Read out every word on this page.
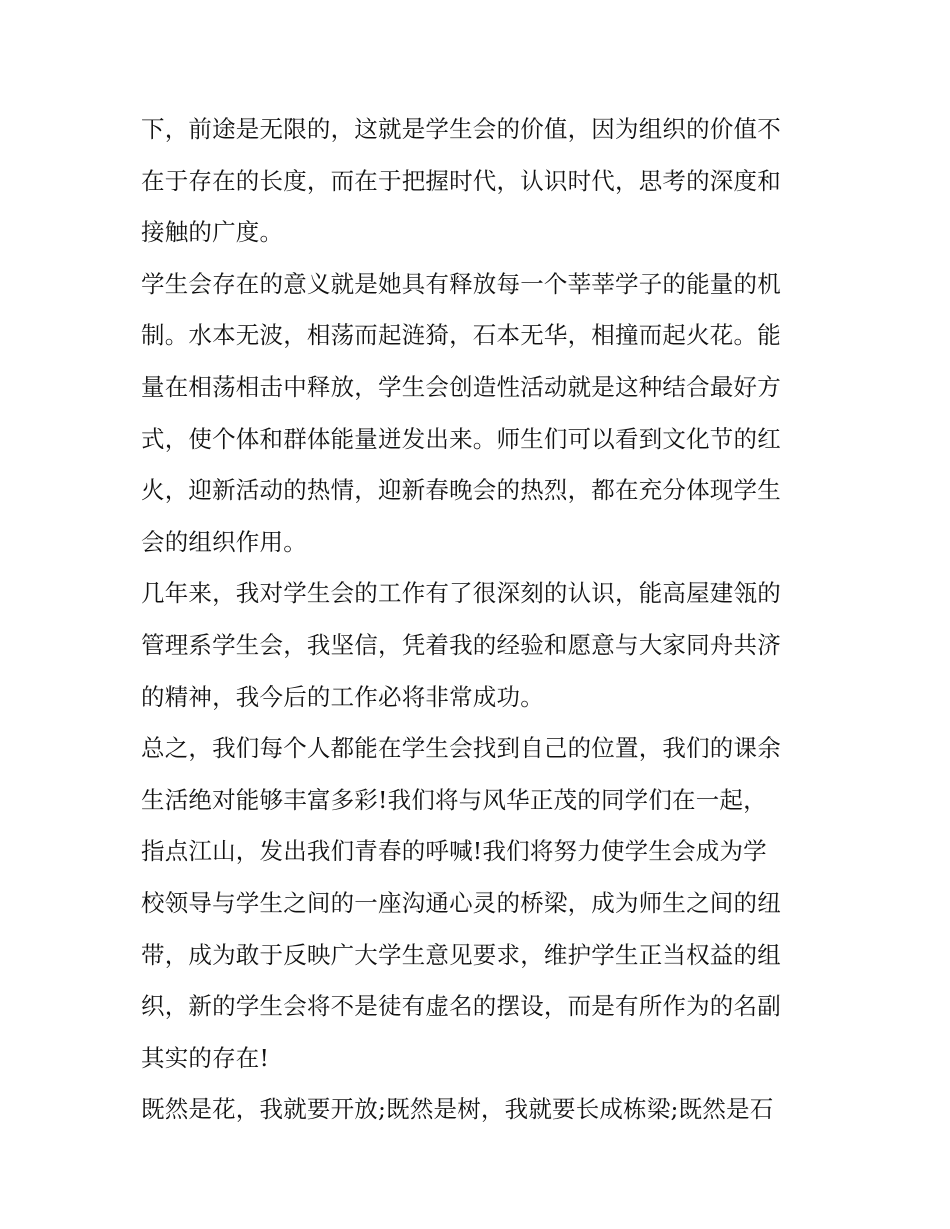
下，前途是无限的，这就是学生会的价值，因为组织的价值不
在于存在的长度，而在于把握时代，认识时代，思考的深度和
接触的广度。
学生会存在的意义就是她具有释放每一个莘莘学子的能量的机
制。水本无波，相荡而起涟猗，石本无华，相撞而起火花。能
量在相荡相击中释放，学生会创造性活动就是这种结合最好方
式，使个体和群体能量迸发出来。师生们可以看到文化节的红
火，迎新活动的热情，迎新春晚会的热烈，都在充分体现学生
会的组织作用。
几年来，我对学生会的工作有了很深刻的认识，能高屋建瓴的
管理系学生会，我坚信，凭着我的经验和愿意与大家同舟共济
的精神，我今后的工作必将非常成功。
总之，我们每个人都能在学生会找到自己的位置，我们的课余
生活绝对能够丰富多彩!我们将与风华正茂的同学们在一起，
指点江山，发出我们青春的呼喊!我们将努力使学生会成为学
校领导与学生之间的一座沟通心灵的桥梁，成为师生之间的纽
带，成为敢于反映广大学生意见要求，维护学生正当权益的组
织，新的学生会将不是徒有虚名的摆设，而是有所作为的名副
其实的存在!
既然是花，我就要开放;既然是树，我就要长成栋梁;既然是石
